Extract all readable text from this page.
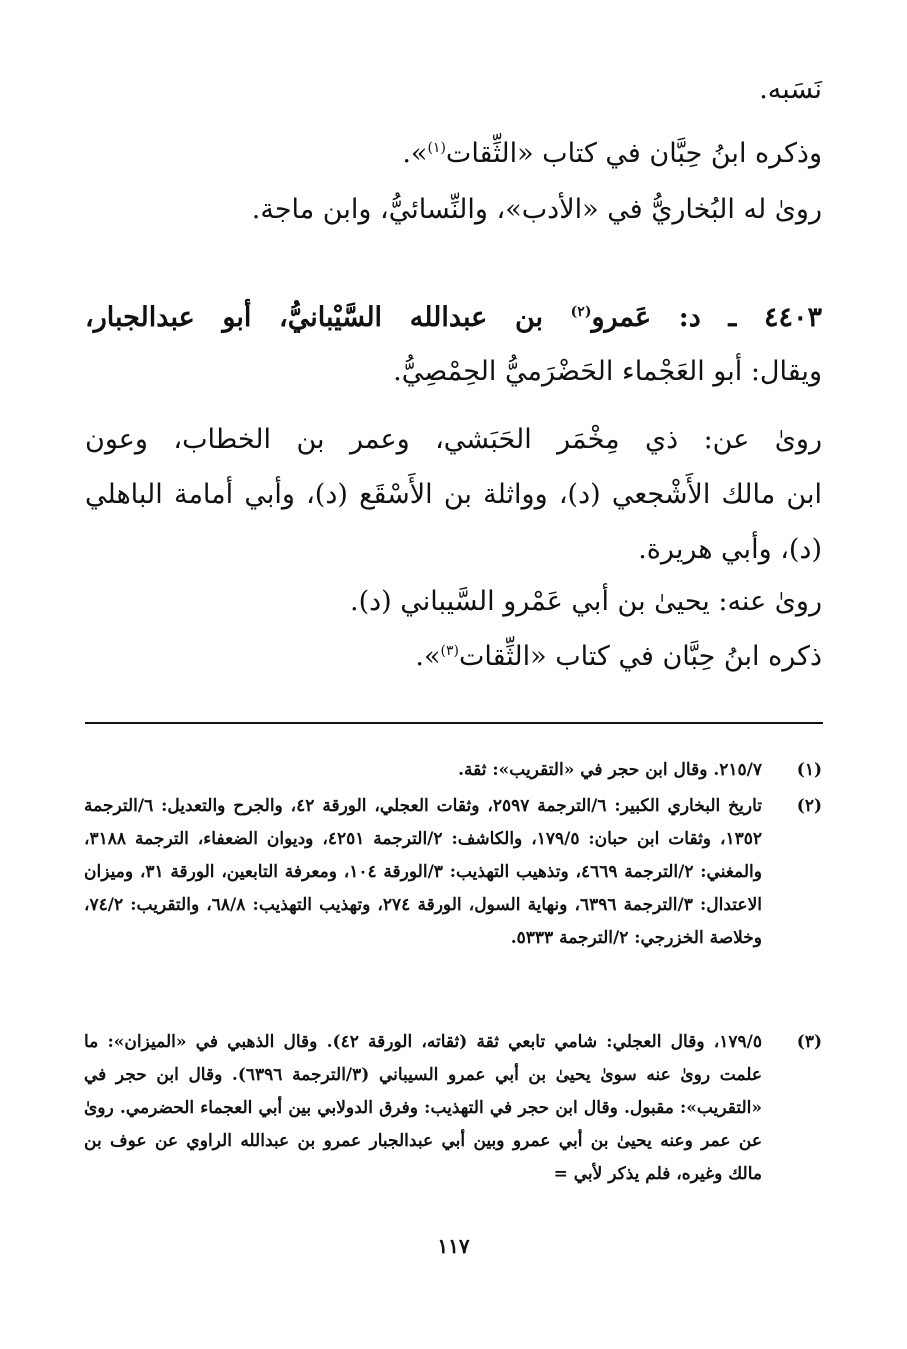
نَسَبه.
وذكره ابنُ حِبَّان في كتاب «الثِّقات$^{(١)}$».
روىٰ له البُخاريُّ في «الأدب»، والنِّسائيُّ، وابن ماجة.
٤٤٠٣ ـ د: عَمرو$^{(٢)}$ بن عبدالله السَّيْبانيُّ، أبو عبدالجبار،
ويقال: أبو العَجْماء الحَضْرَميُّ الحِمْصِيُّ.
روىٰ عن: ذي مِخْمَر الحَبَشي، وعمر بن الخطاب، وعون
ابن مالك الأَشْجعي (د)، وواثلة بن الأَسْقَع (د)، وأبي أمامة الباهلي
(د)، وأبي هريرة.
روىٰ عنه: يحيىٰ بن أبي عَمْرو السَّيباني (د).
ذكره ابنُ حِبَّان في كتاب «الثِّقات$^{(٣)}$».
(١)
٢١٥/٧. وقال ابن حجر في «التقريب»: ثقة.
(٢)
تاريخ البخاري الكبير: ٦/الترجمة ٢٥٩٧، وثقات العجلي، الورقة ٤٢، والجرح والتعديل: ٦/الترجمة ١٣٥٢، وثقات ابن حبان: ١٧٩/٥، والكاشف: ٢/الترجمة ٤٢٥١، وديوان الضعفاء، الترجمة ٣١٨٨، والمغني: ٢/الترجمة ٤٦٦٩، وتذهيب التهذيب: ٣/الورقة ١٠٤، ومعرفة التابعين، الورقة ٣١، وميزان الاعتدال: ٣/الترجمة ٦٣٩٦، ونهاية السول، الورقة ٢٧٤، وتهذيب التهذيب: ٦٨/٨، والتقريب: ٧٤/٢، وخلاصة الخزرجي: ٢/الترجمة ٥٣٣٣.
(٣)
١٧٩/٥، وقال العجلي: شامي تابعي ثقة (ثقاته، الورقة ٤٢). وقال الذهبي في «الميزان»: ما علمت روىٰ عنه سوىٰ يحيىٰ بن أبي عمرو السيباني (٣/الترجمة ٦٣٩٦). وقال ابن حجر في «التقريب»: مقبول. وقال ابن حجر في التهذيب: وفرق الدولابي بين أبي العجماء الحضرمي. روىٰ عن عمر وعنه يحيىٰ بن أبي عمرو وبين أبي عبدالجبار عمرو بن عبدالله الراوي عن عوف بن مالك وغيره، فلم يذكر لأبي =
١١٧
